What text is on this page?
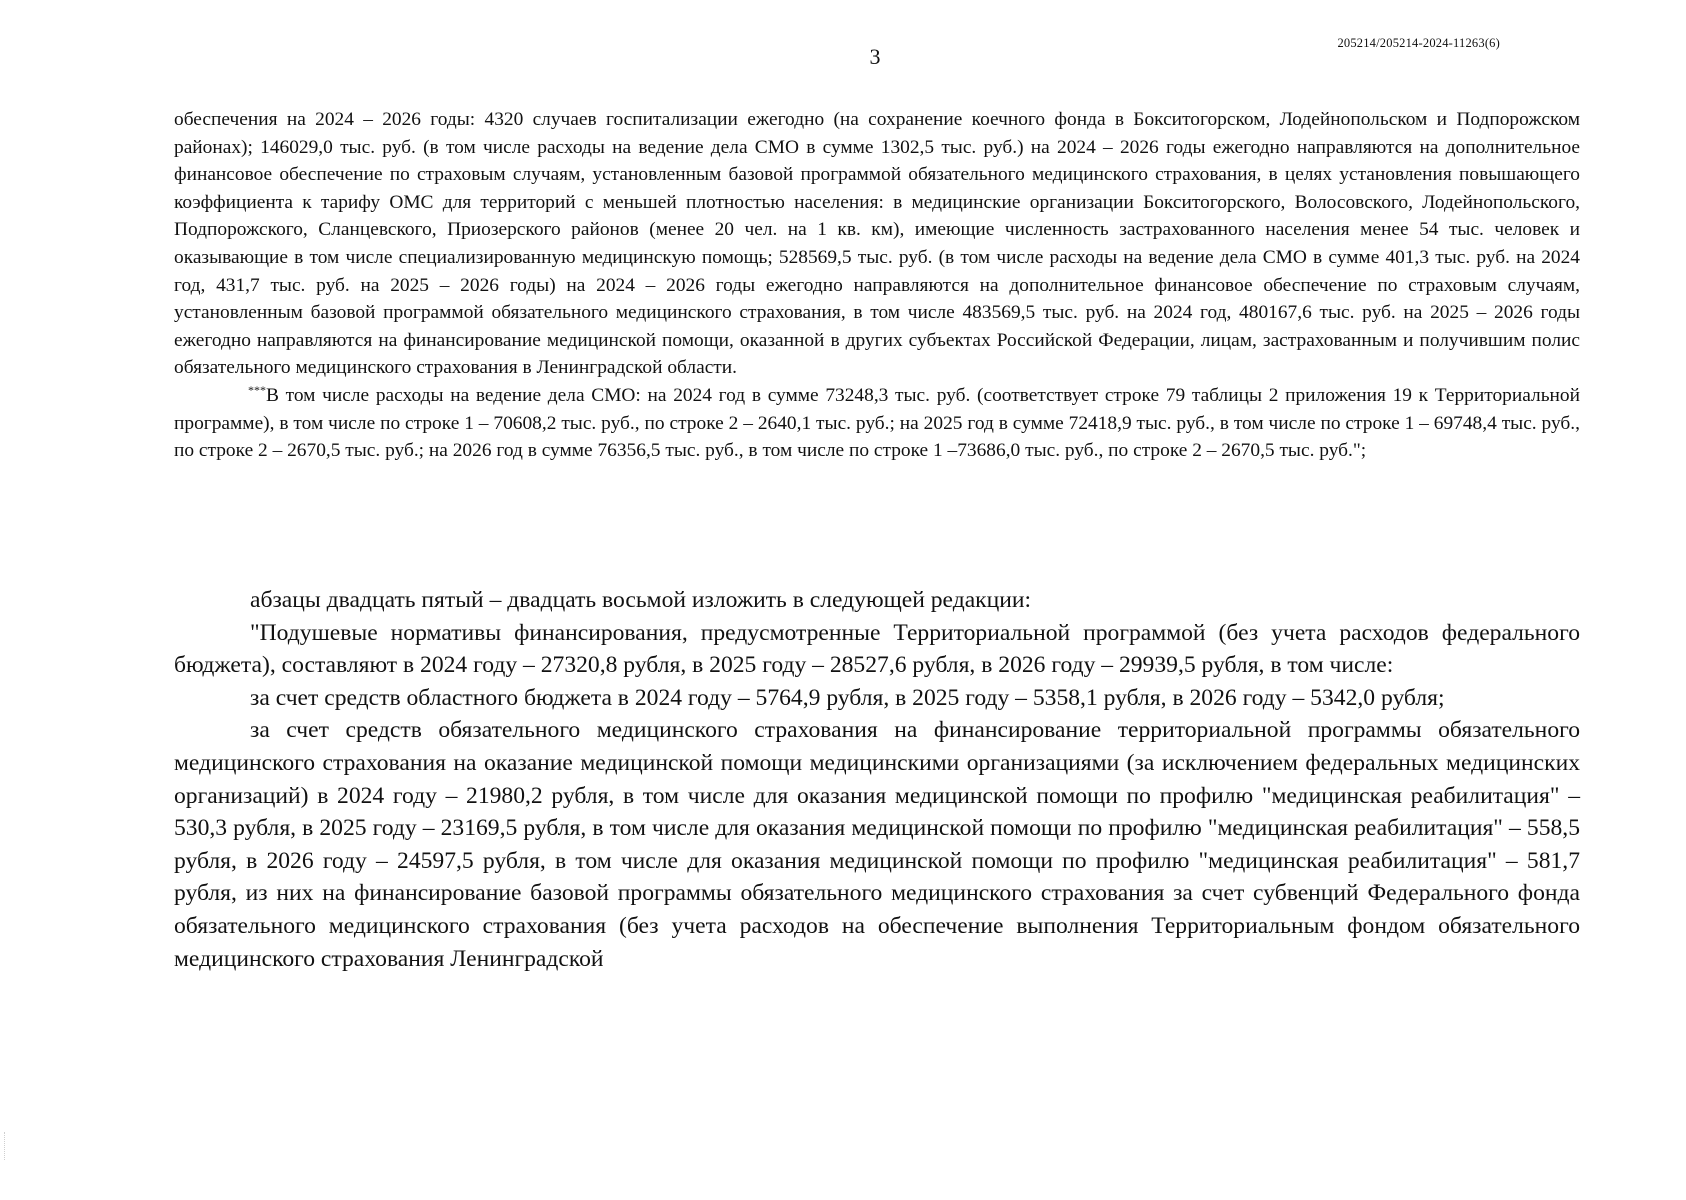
3
205214/205214-2024-11263(6)

обеспечения на 2024 – 2026 годы: 4320 случаев госпитализации ежегодно (на сохранение коечного фонда в Бокситогорском, Лодейнопольском и Подпорожском районах); 146029,0 тыс. руб. (в том числе расходы на ведение дела СМО в сумме 1302,5 тыс. руб.) на 2024 – 2026 годы ежегодно направляются на дополнительное финансовое обеспечение по страховым случаям, установленным базовой программой обязательного медицинского страхования, в целях установления повышающего коэффициента к тарифу ОМС для территорий с меньшей плотностью населения: в медицинские организации Бокситогорского, Волосовского, Лодейнопольского, Подпорожского, Сланцевского, Приозерского районов (менее 20 чел. на 1 кв. км), имеющие численность застрахованного населения менее 54 тыс. человек и оказывающие в том числе специализированную медицинскую помощь; 528569,5 тыс. руб. (в том числе расходы на ведение дела СМО в сумме 401,3 тыс. руб. на 2024 год, 431,7 тыс. руб. на 2025 – 2026 годы) на 2024 – 2026 годы ежегодно направляются на дополнительное финансовое обеспечение по страховым случаям, установленным базовой программой обязательного медицинского страхования, в том числе 483569,5 тыс. руб. на 2024 год, 480167,6 тыс. руб. на 2025 – 2026 годы ежегодно направляются на финансирование медицинской помощи, оказанной в других субъектах Российской Федерации, лицам, застрахованным и получившим полис обязательного медицинского страхования в Ленинградской области.

***В том числе расходы на ведение дела СМО: на 2024 год в сумме 73248,3 тыс. руб. (соответствует строке 79 таблицы 2 приложения 19 к Территориальной программе), в том числе по строке 1 – 70608,2 тыс. руб., по строке 2 – 2640,1 тыс. руб.; на 2025 год в сумме 72418,9 тыс. руб., в том числе по строке 1 – 69748,4 тыс. руб., по строке 2 – 2670,5 тыс. руб.; на 2026 год в сумме 76356,5 тыс. руб., в том числе по строке 1 –73686,0 тыс. руб., по строке 2 – 2670,5 тыс. руб.";

абзацы двадцать пятый – двадцать восьмой изложить в следующей редакции:

"Подушевые нормативы финансирования, предусмотренные Территориальной программой (без учета расходов федерального бюджета), составляют в 2024 году – 27320,8 рубля, в 2025 году – 28527,6 рубля, в 2026 году – 29939,5 рубля, в том числе:

за счет средств областного бюджета в 2024 году – 5764,9 рубля, в 2025 году – 5358,1 рубля, в 2026 году – 5342,0 рубля;

за счет средств обязательного медицинского страхования на финансирование территориальной программы обязательного медицинского страхования на оказание медицинской помощи медицинскими организациями (за исключением федеральных медицинских организаций) в 2024 году – 21980,2 рубля, в том числе для оказания медицинской помощи по профилю "медицинская реабилитация" – 530,3 рубля, в 2025 году – 23169,5 рубля, в том числе для оказания медицинской помощи по профилю "медицинская реабилитация" – 558,5 рубля, в 2026 году – 24597,5 рубля, в том числе для оказания медицинской помощи по профилю "медицинская реабилитация" – 581,7 рубля, из них на финансирование базовой программы обязательного медицинского страхования за счет субвенций Федерального фонда обязательного медицинского страхования (без учета расходов на обеспечение выполнения Территориальным фондом обязательного медицинского страхования Ленинградской
